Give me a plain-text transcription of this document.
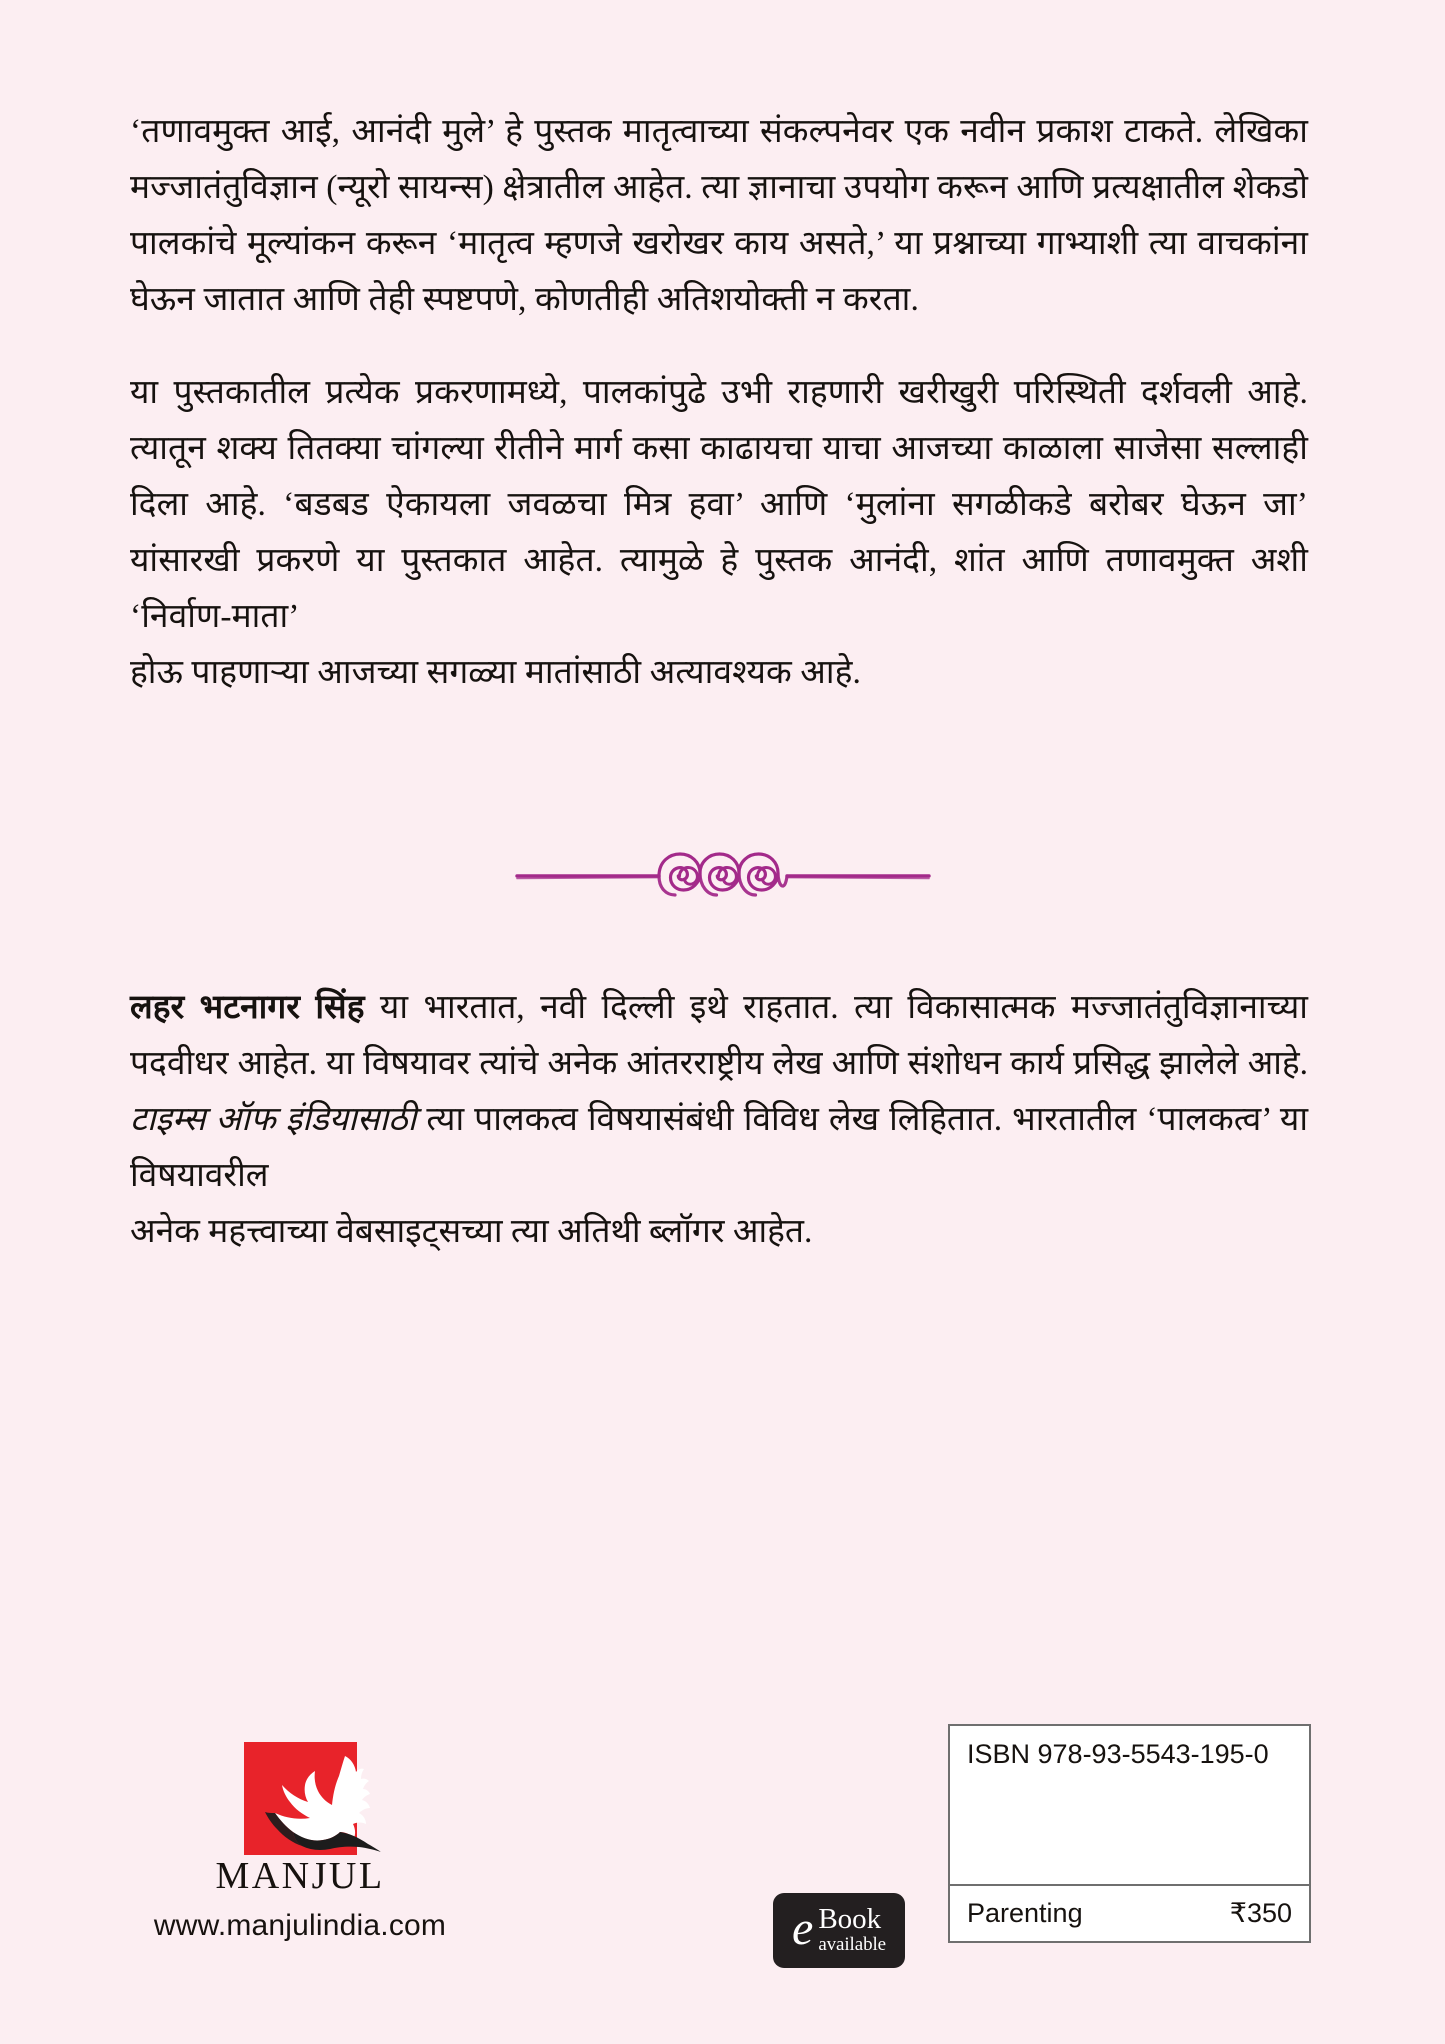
‘तणावमुक्त आई, आनंदी मुले’ हे पुस्तक मातृत्वाच्या संकल्पनेवर एक नवीन प्रकाश टाकते. लेखिका मज्जातंतुविज्ञान (न्यूरो सायन्स) क्षेत्रातील आहेत. त्या ज्ञानाचा उपयोग करून आणि प्रत्यक्षातील शेकडो पालकांचे मूल्यांकन करून ‘मातृत्व म्हणजे खरोखर काय असते,’ या प्रश्नाच्या गाभ्याशी त्या वाचकांना घेऊन जातात आणि तेही स्पष्टपणे, कोणतीही अतिशयोक्ती न करता.

या पुस्तकातील प्रत्येक प्रकरणामध्ये, पालकांपुढे उभी राहणारी खरीखुरी परिस्थिती दर्शवली आहे. त्यातून शक्य तितक्या चांगल्या रीतीने मार्ग कसा काढायचा याचा आजच्या काळाला साजेसा सल्लाही दिला आहे. ‘बडबड ऐकायला जवळचा मित्र हवा’ आणि ‘मुलांना सगळीकडे बरोबर घेऊन जा’ यांसारखी प्रकरणे या पुस्तकात आहेत. त्यामुळे हे पुस्तक आनंदी, शांत आणि तणावमुक्त अशी ‘निर्वाण-माता’
होऊ पाहणाऱ्या आजच्या सगळ्या मातांसाठी अत्यावश्यक आहे.

लहर भटनागर सिंह या भारतात, नवी दिल्ली इथे राहतात. त्या विकासात्मक मज्जातंतुविज्ञानाच्या पदवीधर आहेत. या विषयावर त्यांचे अनेक आंतरराष्ट्रीय लेख आणि संशोधन कार्य प्रसिद्ध झालेले आहे. टाइम्स ऑफ इंडियासाठी त्या पालकत्व विषयासंबंधी विविध लेख लिहितात. भारतातील ‘पालकत्व’ या विषयावरील
अनेक महत्त्वाच्या वेबसाइट्सच्या त्या अतिथी ब्लॉगर आहेत.

MANJUL
www.manjulindia.com	e Book
available
ISBN 978-93-5543-195-0
Parenting	₹350
